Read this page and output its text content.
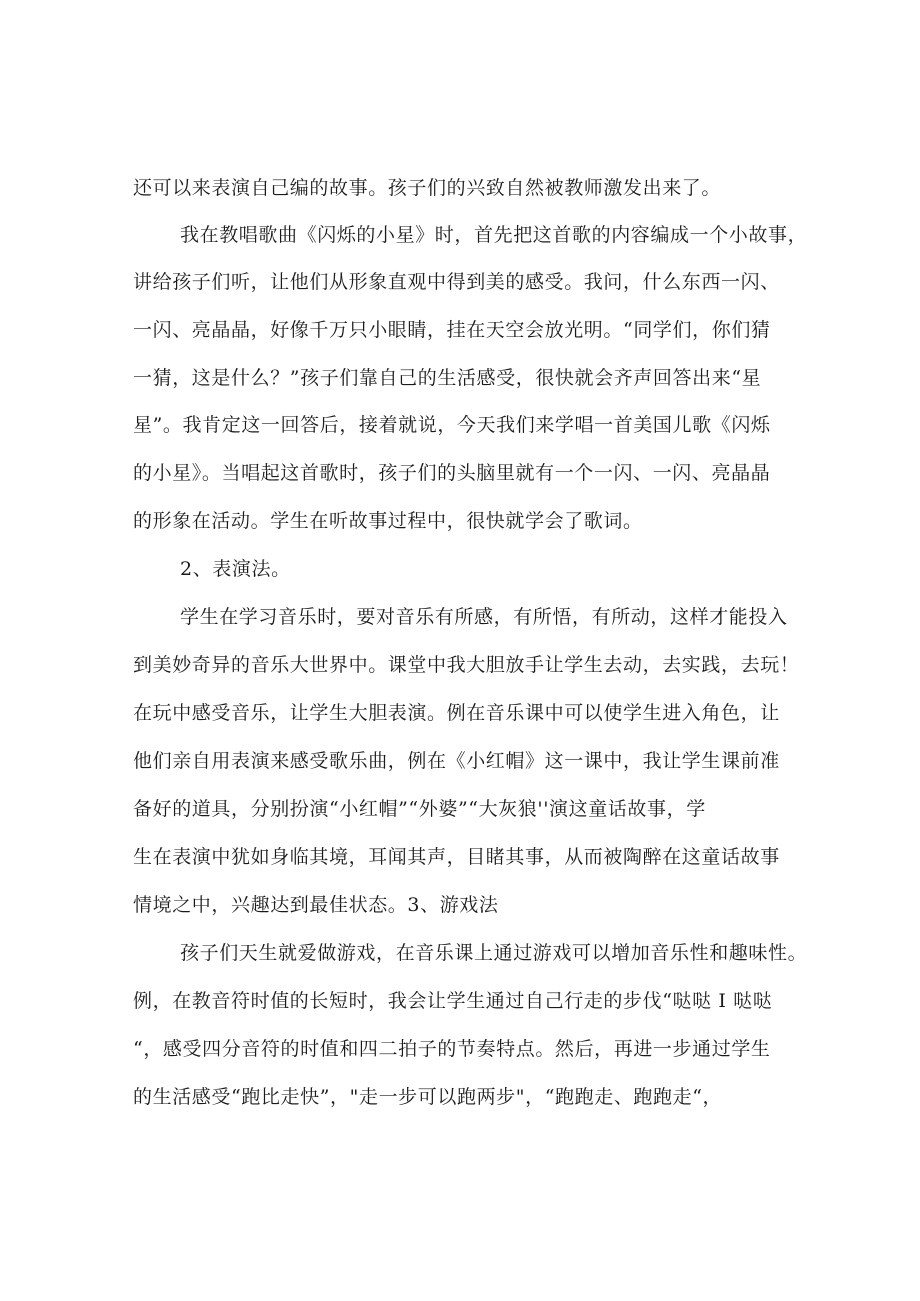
还可以来表演自己编的故事。孩子们的兴致自然被教师激发出来了。
我在教唱歌曲《闪烁的小星》时，首先把这首歌的内容编成一个小故事，
讲给孩子们听，让他们从形象直观中得到美的感受。我问，什么东西一闪、
一闪、亮晶晶，好像千万只小眼睛，挂在天空会放光明。“同学们，你们猜
一猜，这是什么？”孩子们靠自己的生活感受，很快就会齐声回答出来“星
星”。我肯定这一回答后，接着就说，今天我们来学唱一首美国儿歌《闪烁
的小星》。当唱起这首歌时，孩子们的头脑里就有一个一闪、一闪、亮晶晶
的形象在活动。学生在听故事过程中，很快就学会了歌词。
2、表演法。
学生在学习音乐时，要对音乐有所感，有所悟，有所动，这样才能投入
到美妙奇异的音乐大世界中。课堂中我大胆放手让学生去动，去实践，去玩！
在玩中感受音乐，让学生大胆表演。例在音乐课中可以使学生进入角色，让
他们亲自用表演来感受歌乐曲，例在《小红帽》这一课中，我让学生课前准
备好的道具，分别扮演“小红帽”“外婆”“大灰狼''演这童话故事，学
生在表演中犹如身临其境，耳闻其声，目睹其事，从而被陶醉在这童话故事
情境之中，兴趣达到最佳状态。3、游戏法
孩子们天生就爱做游戏，在音乐课上通过游戏可以增加音乐性和趣味性。
例，在教音符时值的长短时，我会让学生通过自己行走的步伐“哒哒 I 哒哒
“，感受四分音符的时值和四二拍子的节奏特点。然后，再进一步通过学生
的生活感受“跑比走快”，"走一步可以跑两步"，“跑跑走、跑跑走“，
